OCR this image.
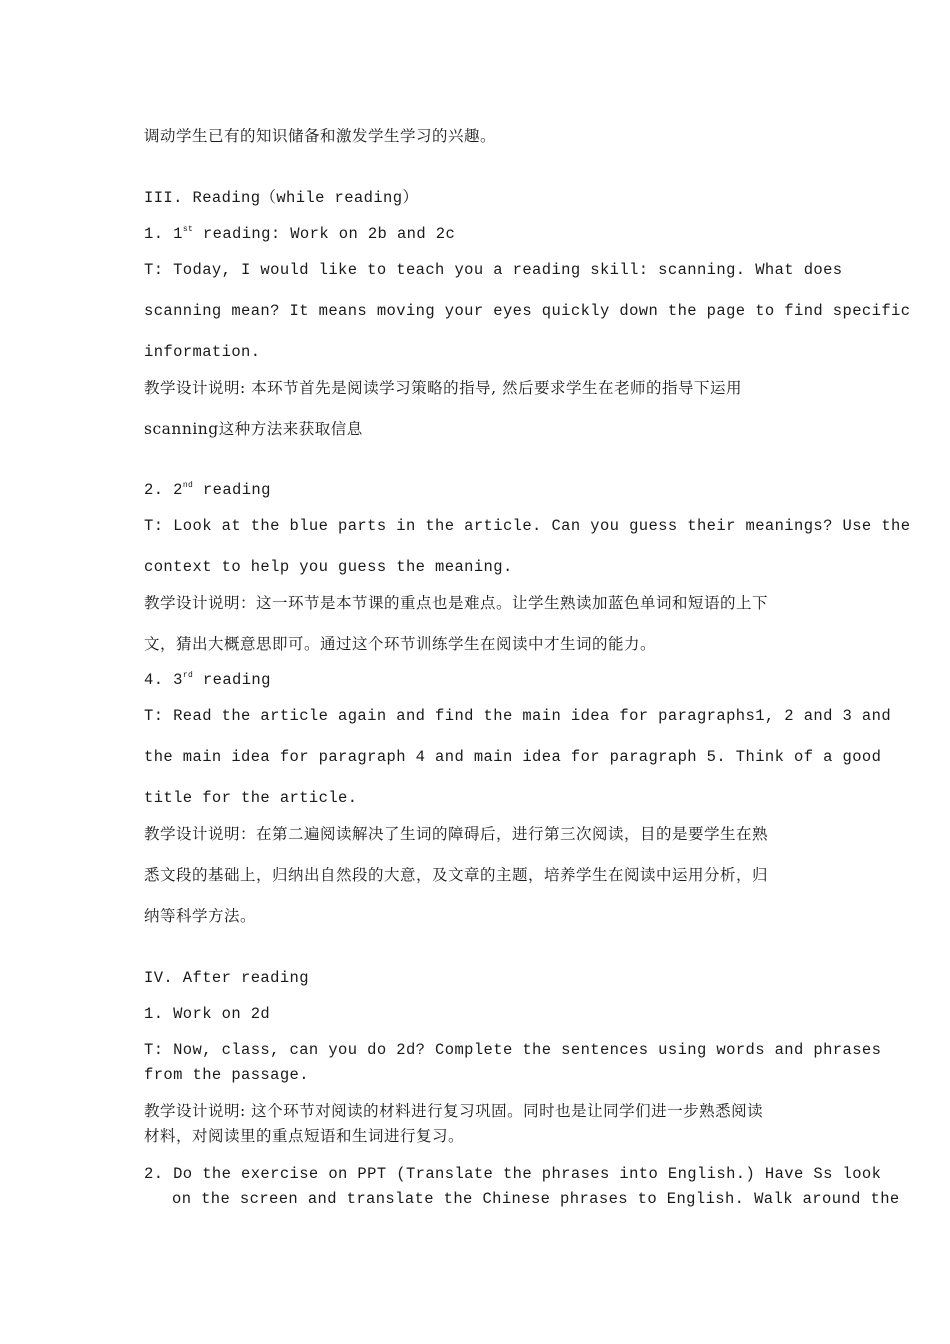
调动学生已有的知识储备和激发学生学习的兴趣。
III. Reading（while reading）
1. 1st reading: Work on 2b and 2c
T: Today, I would like to teach you a reading skill: scanning. What does
scanning mean? It means moving your eyes quickly down the page to find specific
information.
教学设计说明: 本环节首先是阅读学习策略的指导, 然后要求学生在老师的指导下运用
scanning这种方法来获取信息
2. 2nd reading
T: Look at the blue parts in the article. Can you guess their meanings? Use the
context to help you guess the meaning.
教学设计说明：这一环节是本节课的重点也是难点。让学生熟读加蓝色单词和短语的上下
文，猜出大概意思即可。通过这个环节训练学生在阅读中才生词的能力。
4. 3rd reading
T: Read the article again and find the main idea for paragraphs1, 2 and 3 and
the main idea for paragraph 4 and main idea for paragraph 5. Think of a good
title for the article.
教学设计说明：在第二遍阅读解决了生词的障碍后，进行第三次阅读，目的是要学生在熟
悉文段的基础上，归纳出自然段的大意，及文章的主题，培养学生在阅读中运用分析，归
纳等科学方法。
IV. After reading
1. Work on 2d
T: Now, class, can you do 2d? Complete the sentences using words and phrases
from the passage.
教学设计说明: 这个环节对阅读的材料进行复习巩固。同时也是让同学们进一步熟悉阅读
材料，对阅读里的重点短语和生词进行复习。
2. Do the exercise on PPT (Translate the phrases into English.) Have Ss look
on the screen and translate the Chinese phrases to English. Walk around the
